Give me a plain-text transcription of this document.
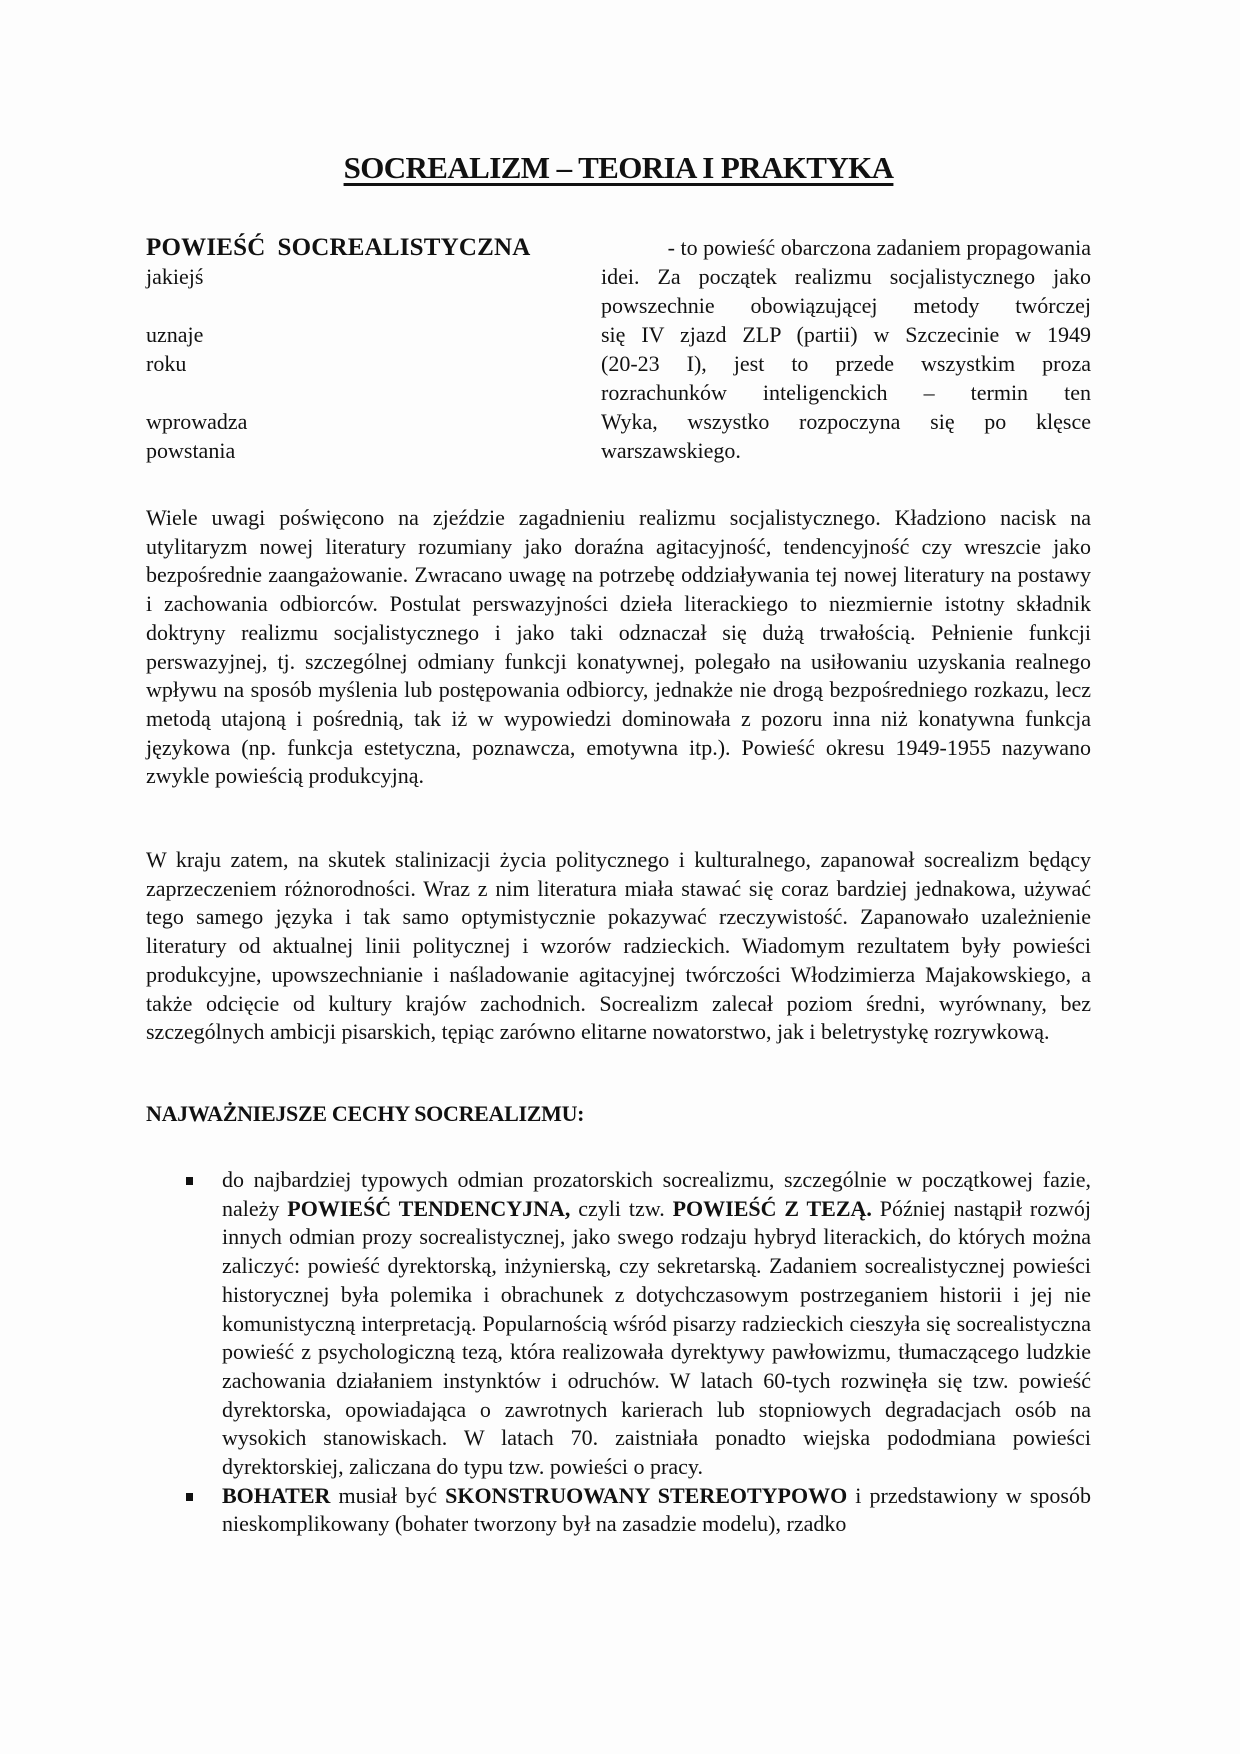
SOCREALIZM – TEORIA I PRAKTYKA
POWIEŚĆ SOCREALISTYCZNA	- to powieść obarczona zadaniem propagowania
jakiejś	idei. Za początek realizmu socjalistycznego jako
powszechnie obowiązującej metody twórczej
uznaje	się IV zjazd ZLP (partii) w Szczecinie w 1949
roku	(20-23 I), jest to przede wszystkim proza
rozrachunków inteligenckich – termin ten
wprowadza	Wyka, wszystko rozpoczyna się po klęsce
powstania	warszawskiego.

Wiele uwagi poświęcono na zjeździe zagadnieniu realizmu socjalistycznego. Kładziono nacisk na utylitaryzm nowej literatury rozumiany jako doraźna agitacyjność, tendencyjność czy wreszcie jako bezpośrednie zaangażowanie. Zwracano uwagę na potrzebę oddziaływania tej nowej literatury na postawy i zachowania odbiorców. Postulat perswazyjności dzieła literackiego to niezmiernie istotny składnik doktryny realizmu socjalistycznego i jako taki odznaczał się dużą trwałością. Pełnienie funkcji perswazyjnej, tj. szczególnej odmiany funkcji konatywnej, polegało na usiłowaniu uzyskania realnego wpływu na sposób myślenia lub postępowania odbiorcy, jednakże nie drogą bezpośredniego rozkazu, lecz metodą utajoną i pośrednią, tak iż w wypowiedzi dominowała z pozoru inna niż konatywna funkcja językowa (np. funkcja estetyczna, poznawcza, emotywna itp.). Powieść okresu 1949-1955 nazywano zwykle powieścią produkcyjną.

W kraju zatem, na skutek stalinizacji życia politycznego i kulturalnego, zapanował socrealizm będący zaprzeczeniem różnorodności. Wraz z nim literatura miała stawać się coraz bardziej jednakowa, używać tego samego języka i tak samo optymistycznie pokazywać rzeczywistość. Zapanowało uzależnienie literatury od aktualnej linii politycznej i wzorów radzieckich. Wiadomym rezultatem były powieści produkcyjne, upowszechnianie i naśladowanie agitacyjnej twórczości Włodzimierza Majakowskiego, a także odcięcie od kultury krajów zachodnich. Socrealizm zalecał poziom średni, wyrównany, bez szczególnych ambicji pisarskich, tępiąc zarówno elitarne nowatorstwo, jak i beletrystykę rozrywkową.

NAJWAŻNIEJSZE CECHY SOCREALIZMU:
do najbardziej typowych odmian prozatorskich socrealizmu, szczególnie w początkowej fazie, należy POWIEŚĆ TENDENCYJNA, czyli tzw. POWIEŚĆ Z TEZĄ. Później nastąpił rozwój innych odmian prozy socrealistycznej, jako swego rodzaju hybryd literackich, do których można zaliczyć: powieść dyrektorską, inżynierską, czy sekretarską. Zadaniem socrealistycznej powieści historycznej była polemika i obrachunek z dotychczasowym postrzeganiem historii i jej nie komunistyczną interpretacją. Popularnością wśród pisarzy radzieckich cieszyła się socrealistyczna powieść z psychologiczną tezą, która realizowała dyrektywy pawłowizmu, tłumaczącego ludzkie zachowania działaniem instynktów i odruchów. W latach 60-tych rozwinęła się tzw. powieść dyrektorska, opowiadająca o zawrotnych karierach lub stopniowych degradacjach osób na wysokich stanowiskach. W latach 70. zaistniała ponadto wiejska pododmiana powieści dyrektorskiej, zaliczana do typu tzw. powieści o pracy.
BOHATER musiał być SKONSTRUOWANY STEREOTYPOWO i przedstawiony w sposób nieskomplikowany (bohater tworzony był na zasadzie modelu), rzadko
